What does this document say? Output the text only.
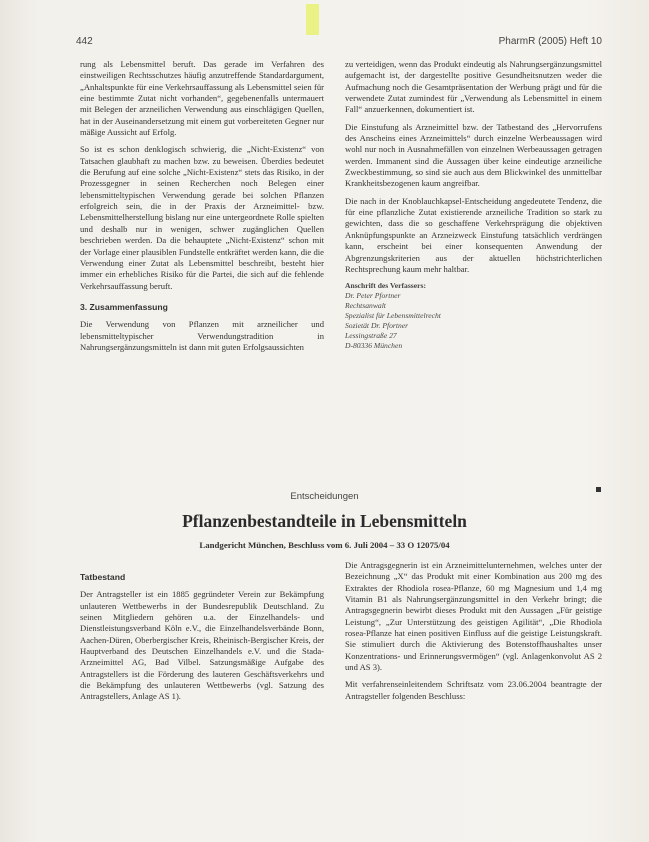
442	PharmR (2005) Heft 10

rung als Lebensmittel beruft. Das gerade im Verfahren des einstweiligen Rechtsschutzes häufig anzutreffende Standardargument, „Anhaltspunkte für eine Verkehrsauffassung als Lebensmittel seien für eine bestimmte Zutat nicht vorhanden“, gegebenenfalls untermauert mit Belegen der arzneilichen Verwendung aus einschlägigen Quellen, hat in der Auseinandersetzung mit einem gut vorbereiteten Gegner nur mäßige Aussicht auf Erfolg.

So ist es schon denklogisch schwierig, die „Nicht-Existenz“ von Tatsachen glaubhaft zu machen bzw. zu beweisen. Überdies bedeutet die Berufung auf eine solche „Nicht-Existenz“ stets das Risiko, in der Prozessgegner in seinen Recherchen noch Belegen einer lebensmitteltypischen Verwendung gerade bei solchen Pflanzen erfolgreich sein, die in der Praxis der Arzneimittel- bzw. Lebensmittelherstellung bislang nur eine untergeordnete Rolle spielten und deshalb nur in wenigen, schwer zugänglichen Quellen beschrieben werden. Da die behauptete „Nicht-Existenz“ schon mit der Vorlage einer plausiblen Fundstelle entkräftet werden kann, die die Verwendung einer Zutat als Lebensmittel beschreibt, besteht hier immer ein erhebliches Risiko für die Partei, die sich auf die fehlende Verkehrsauffassung beruft.

3. Zusammenfassung

Die Verwendung von Pflanzen mit arzneilicher und lebensmitteltypischer Verwendungstradition in Nahrungsergänzungsmitteln ist dann mit guten Erfolgsaussichten

zu verteidigen, wenn das Produkt eindeutig als Nahrungsergänzungsmittel aufgemacht ist, der dargestellte positive Gesundheitsnutzen weder die Aufmachung noch die Gesamtpräsentation der Werbung prägt und für die verwendete Zutat zumindest für „Verwendung als Lebensmittel in einem Fall“ anzuerkennen, dokumentiert ist.

Die Einstufung als Arzneimittel bzw. der Tatbestand des „Hervorrufens des Anscheins eines Arzneimittels“ durch einzelne Werbeaussagen wird wohl nur noch in Ausnahmefällen von einzelnen Werbeaussagen getragen werden. Immanent sind die Aussagen über keine eindeutige arzneiliche Zweckbestimmung, so sind sie auch aus dem Blickwinkel des unmittelbar Krankheitsbezogenen kaum angreifbar.

Die nach in der Knoblauchkapsel-Entscheidung angedeutete Tendenz, die für eine pflanzliche Zutat existierende arzneiliche Tradition so stark zu gewichten, dass die so geschaffene Verkehrsprägung die objektiven Anknüpfungspunkte an Arzneizweck Einstufung tatsächlich verdrängen kann, erscheint bei einer konsequenten Anwendung der Abgrenzungskriterien aus der aktuellen höchstrichterlichen Rechtsprechung kaum mehr haltbar.

Anschrift des Verfassers:
Dr. Peter Pfortner
Rechtsanwalt
Spezialist für Lebensmittelrecht
Sozietät Dr. Pfortner
Lessingstraße 27
D-80336 München
Entscheidungen
Pflanzenbestandteile in Lebensmitteln
Landgericht München, Beschluss vom 6. Juli 2004 – 33 O 12075/04
Tatbestand

Der Antragsteller ist ein 1885 gegründeter Verein zur Bekämpfung unlauteren Wettbewerbs in der Bundesrepublik Deutschland. Zu seinen Mitgliedern gehören u.a. der Einzelhandels- und Dienstleistungsverband Köln e.V., die Einzelhandelsverbände Bonn, Aachen-Düren, Oberbergischer Kreis, Rheinisch-Bergischer Kreis, der Hauptverband des Deutschen Einzelhandels e.V. und die Stada-Arzneimittel AG, Bad Vilbel. Satzungsmäßige Aufgabe des Antragstellers ist die Förderung des lauteren Geschäftsverkehrs und die Bekämpfung des unlauteren Wettbewerbs (vgl. Satzung des Antragstellers, Anlage AS 1).

Die Antragsgegnerin ist ein Arzneimittelunternehmen, welches unter der Bezeichnung „X“ das Produkt mit einer Kombination aus 200 mg des Extraktes der Rhodiola rosea-Pflanze, 60 mg Magnesium und 1,4 mg Vitamin B1 als Nahrungsergänzungsmittel in den Verkehr bringt; die Antragsgegnerin bewirbt dieses Produkt mit den Aussagen „Für geistige Leistung“, „Zur Unterstützung des geistigen Agilität“, „Die Rhodiola rosea-Pflanze hat einen positiven Einfluss auf die geistige Leistungskraft. Sie stimuliert durch die Aktivierung des Botenstoffhaushaltes unser Konzentrations- und Erinnerungsvermögen“ (vgl. Anlagenkonvolut AS 2 und AS 3).

Mit verfahrenseinleitendem Schriftsatz vom 23.06.2004 beantragte der Antragsteller folgenden Beschluss:
